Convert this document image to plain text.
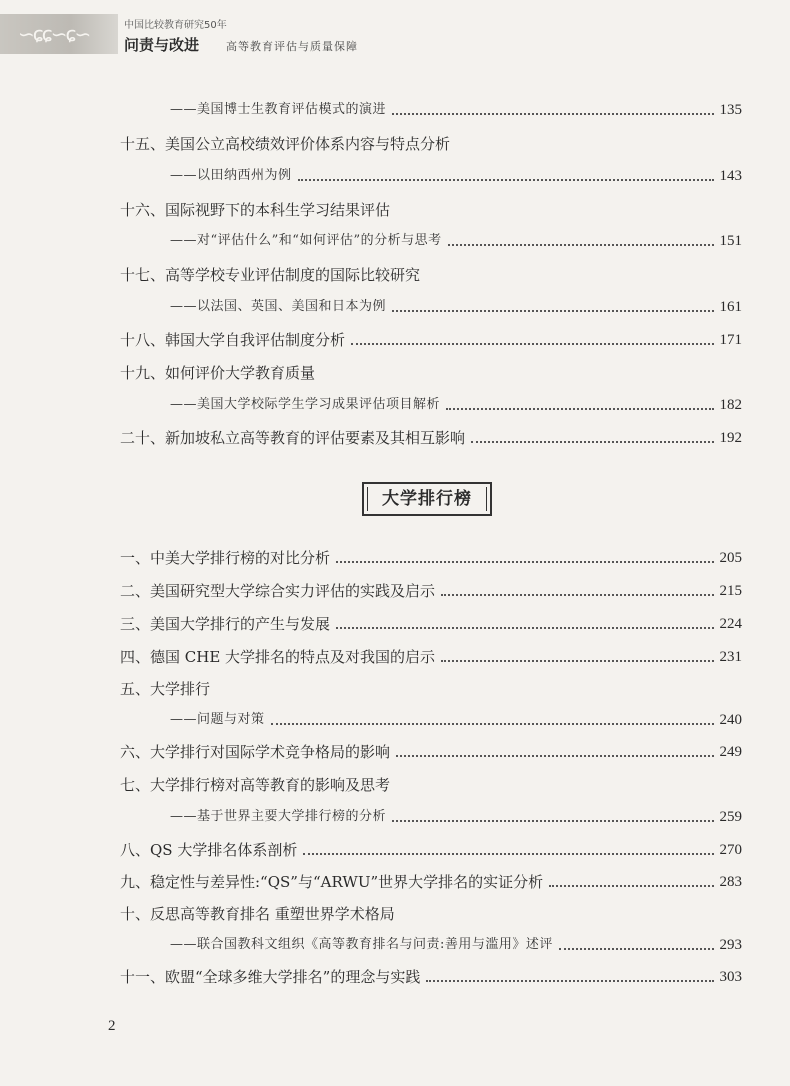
∽ɕɕ∽ɕ∽	中国比较教育研究50年
问责与改进 高等教育评估与质量保障
——美国博士生教育评估模式的演进	135
十五、美国公立高校绩效评价体系内容与特点分析
——以田纳西州为例	143
十六、国际视野下的本科生学习结果评估
——对“评估什么”和“如何评估”的分析与思考	151
十七、高等学校专业评估制度的国际比较研究
——以法国、英国、美国和日本为例	161
十八、韩国大学自我评估制度分析	171
十九、如何评价大学教育质量
——美国大学校际学生学习成果评估项目解析	182
二十、新加坡私立高等教育的评估要素及其相互影响	192
大学排行榜
一、中美大学排行榜的对比分析	205
二、美国研究型大学综合实力评估的实践及启示	215
三、美国大学排行的产生与发展	224
四、德国 CHE 大学排名的特点及对我国的启示	231
五、大学排行
——问题与对策	240
六、大学排行对国际学术竞争格局的影响	249
七、大学排行榜对高等教育的影响及思考
——基于世界主要大学排行榜的分析	259
八、QS 大学排名体系剖析	270
九、稳定性与差异性:“QS”与“ARWU”世界大学排名的实证分析	283
十、反思高等教育排名 重塑世界学术格局
——联合国教科文组织《高等教育排名与问责:善用与滥用》述评	293
十一、欧盟“全球多维大学排名”的理念与实践	303
2
